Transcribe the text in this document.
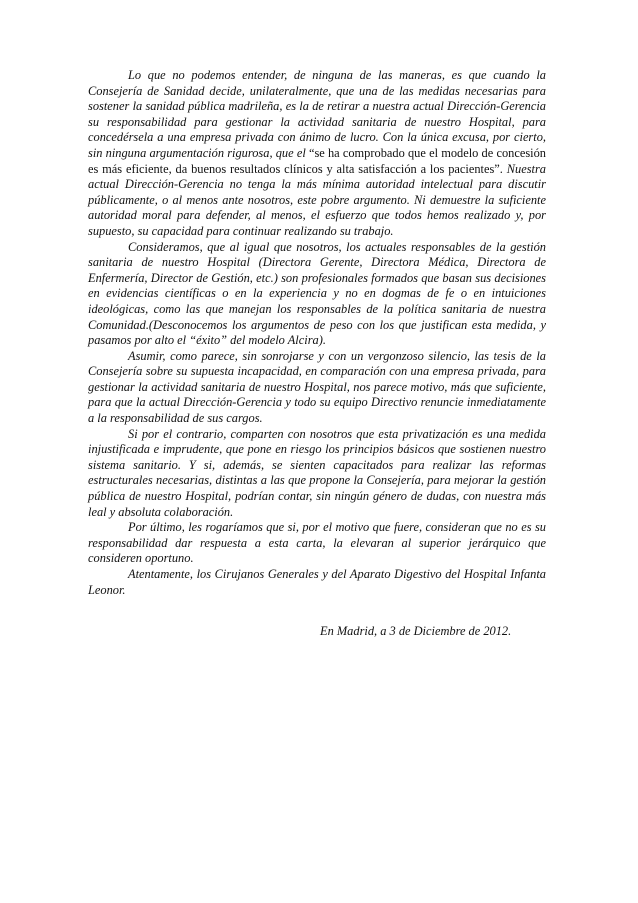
Lo que no podemos entender, de ninguna de las maneras, es que cuando la Consejería de Sanidad decide, unilateralmente, que una de las medidas necesarias para sostener la sanidad pública madrileña, es la de retirar a nuestra actual Dirección-Gerencia su responsabilidad para gestionar la actividad sanitaria de nuestro Hospital, para concedérsela a una empresa privada con ánimo de lucro. Con la única excusa, por cierto, sin ninguna argumentación rigurosa, que el “se ha comprobado que el modelo de concesión es más eficiente, da buenos resultados clínicos y alta satisfacción a los pacientes”. Nuestra actual Dirección-Gerencia no tenga la más mínima autoridad intelectual para discutir públicamente, o al menos ante nosotros, este pobre argumento. Ni demuestre la suficiente autoridad moral para defender, al menos, el esfuerzo que todos hemos realizado y, por supuesto, su capacidad para continuar realizando su trabajo.

Consideramos, que al igual que nosotros, los actuales responsables de la gestión sanitaria de nuestro Hospital (Directora Gerente, Directora Médica, Directora de Enfermería, Director de Gestión, etc.) son profesionales formados que basan sus decisiones en evidencias científicas o en la experiencia y no en dogmas de fe o en intuiciones ideológicas, como las que manejan los responsables de la política sanitaria de nuestra Comunidad.(Desconocemos los argumentos de peso con los que justifican esta medida, y pasamos por alto el “éxito” del modelo Alcira).

Asumir, como parece, sin sonrojarse y con un vergonzoso silencio, las tesis de la Consejería sobre su supuesta incapacidad, en comparación con una empresa privada, para gestionar la actividad sanitaria de nuestro Hospital, nos parece motivo, más que suficiente, para que la actual Dirección-Gerencia y todo su equipo Directivo renuncie inmediatamente a la responsabilidad de sus cargos.

Si por el contrario, comparten con nosotros que esta privatización es una medida injustificada e imprudente, que pone en riesgo los principios básicos que sostienen nuestro sistema sanitario. Y si, además, se sienten capacitados para realizar las reformas estructurales necesarias, distintas a las que propone la Consejería, para mejorar la gestión pública de nuestro Hospital, podrían contar, sin ningún género de dudas, con nuestra más leal y absoluta colaboración.

Por último, les rogaríamos que si, por el motivo que fuere, consideran que no es su responsabilidad dar respuesta a esta carta, la elevaran al superior jerárquico que consideren oportuno.

Atentamente, los Cirujanos Generales y del Aparato Digestivo del Hospital Infanta Leonor.

En Madrid, a 3 de Diciembre de 2012.
